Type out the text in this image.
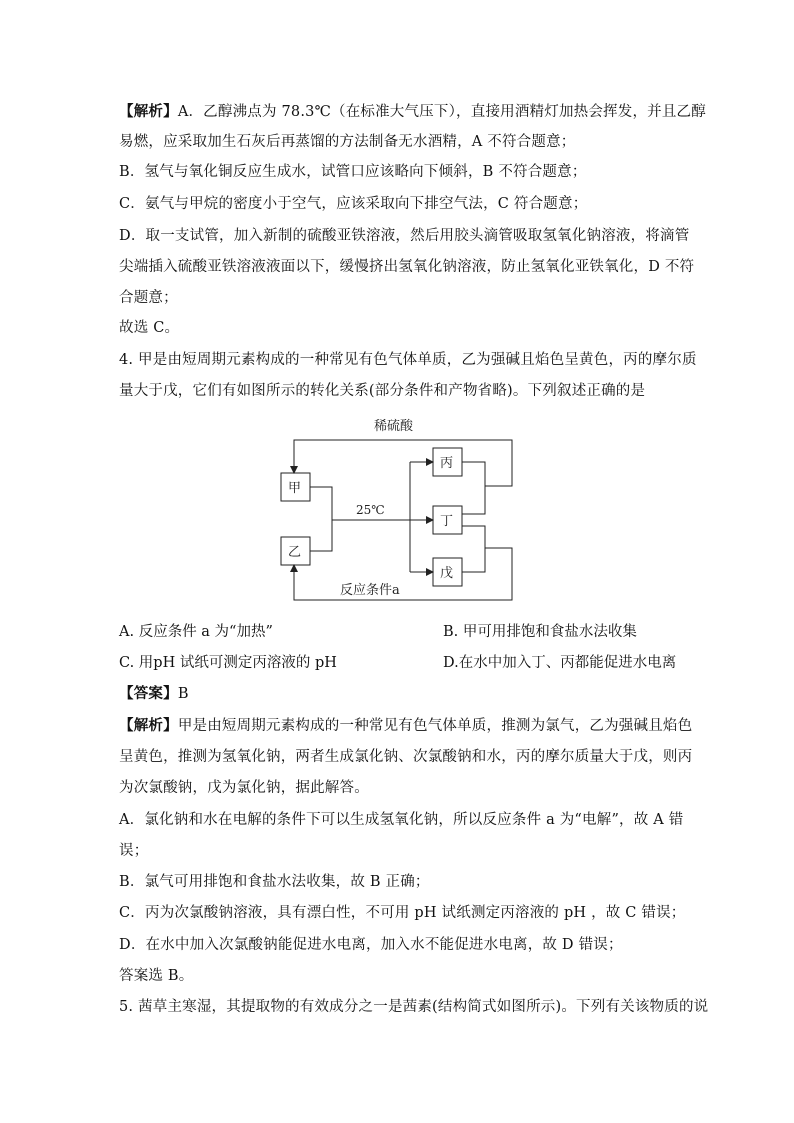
【解析】A．乙醇沸点为 78.3℃（在标准大气压下），直接用酒精灯加热会挥发，并且乙醇
易燃，应采取加生石灰后再蒸馏的方法制备无水酒精，A 不符合题意；
B．氢气与氧化铜反应生成水，试管口应该略向下倾斜，B 不符合题意；
C．氨气与甲烷的密度小于空气，应该采取向下排空气法，C 符合题意；
D．取一支试管，加入新制的硫酸亚铁溶液，然后用胶头滴管吸取氢氧化钠溶液，将滴管
尖端插入硫酸亚铁溶液液面以下，缓慢挤出氢氧化钠溶液，防止氢氧化亚铁氧化，D 不符
合题意；
故选 C。
4. 甲是由短周期元素构成的一种常见有色气体单质，乙为强碱且焰色呈黄色，丙的摩尔质
量大于戊，它们有如图所示的转化关系(部分条件和产物省略)。下列叙述正确的是
稀硫酸
25℃
反应条件a
甲
乙
丙
丁
戊
A. 反应条件 a 为“加热”	B. 甲可用排饱和食盐水法收集
C. 用pH 试纸可测定丙溶液的 pH	D.在水中加入丁、丙都能促进水电离
【答案】B
【解析】甲是由短周期元素构成的一种常见有色气体单质，推测为氯气，乙为强碱且焰色
呈黄色，推测为氢氧化钠，两者生成氯化钠、次氯酸钠和水，丙的摩尔质量大于戊，则丙
为次氯酸钠，戊为氯化钠，据此解答。
A．氯化钠和水在电解的条件下可以生成氢氧化钠，所以反应条件 a 为“电解”，故 A 错
误；
B．氯气可用排饱和食盐水法收集，故 B 正确；
C．丙为次氯酸钠溶液，具有漂白性，不可用 pH 试纸测定丙溶液的 pH ，故 C 错误；
D．在水中加入次氯酸钠能促进水电离，加入水不能促进水电离，故 D 错误；
答案选 B。
5. 茜草主寒湿，其提取物的有效成分之一是茜素(结构简式如图所示)。下列有关该物质的说
